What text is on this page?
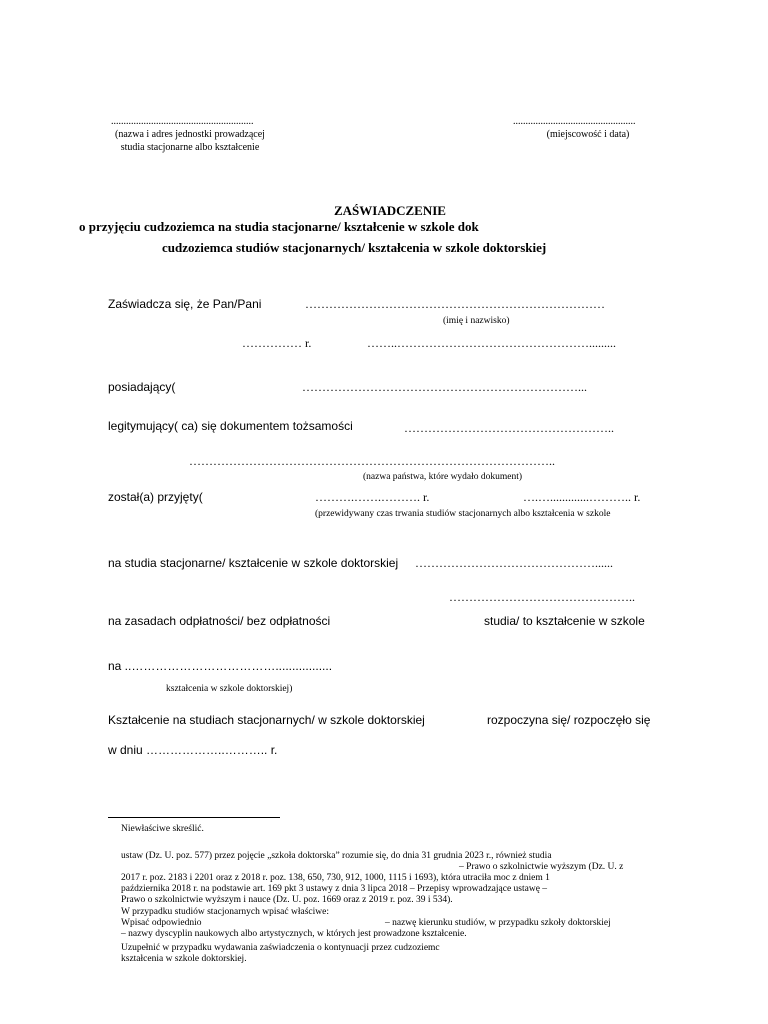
.........................................................
(nazwa i adres jednostki prowadzącej
studia stacjonarne albo kształcenie
.................................................
(miejscowość i data)
ZAŚWIADCZENIE
o przyjęciu cudzoziemca na studia stacjonarne/ kształcenie w szkole dok
cudzoziemca studiów stacjonarnych/ kształcenia w szkole doktorskiej
Zaświadcza się, że Pan/Pani	…………………………………………………………………
(imię i nazwisko)
…………… r.	……..………………………………………….........
posiadający(	……………………………………………………………...
legitymujący( ca) się dokumentem tożsamości	……………………………………………..
………………………………………………………………………………..
(nazwa państwa, które wydało dokument)
został(a) przyjęty(	……….…….………. r.	….….............……….. r.
(przewidywany czas trwania studiów stacjonarnych albo kształcenia w szkole
na studia stacjonarne/ kształcenie w szkole doktorskiej ………………………………………......
………………………………………..
na zasadach odpłatności/ bez odpłatności	studia/ to kształcenie w szkole
na ..……………………………….................
kształcenia w szkole doktorskiej)
Kształcenie na studiach stacjonarnych/ w szkole doktorskiej	rozpoczyna się/ rozpoczęło się
w dniu ………………..……….. r.
Niewłaściwe skreślić.
ustaw (Dz. U. poz. 577) przez pojęcie „szkoła doktorska” rozumie się, do dnia 31 grudnia 2023 r., również studia
– Prawo o szkolnictwie wyższym (Dz. U. z
2017 r. poz. 2183 i 2201 oraz z 2018 r. poz. 138, 650, 730, 912, 1000, 1115 i 1693), która utraciła moc z dniem 1
października 2018 r. na podstawie art. 169 pkt 3 ustawy z dnia 3 lipca 2018 – Przepisy wprowadzające ustawę –
Prawo o szkolnictwie wyższym i nauce (Dz. U. poz. 1669 oraz z 2019 r. poz. 39 i 534).
W przypadku studiów stacjonarnych wpisać właściwe:
Wpisać odpowiednio	– nazwę kierunku studiów, w przypadku szkoły doktorskiej
– nazwy dyscyplin naukowych albo artystycznych, w których jest prowadzone kształcenie.
Uzupełnić w przypadku wydawania zaświadczenia o kontynuacji przez cudzoziemc
kształcenia w szkole doktorskiej.
